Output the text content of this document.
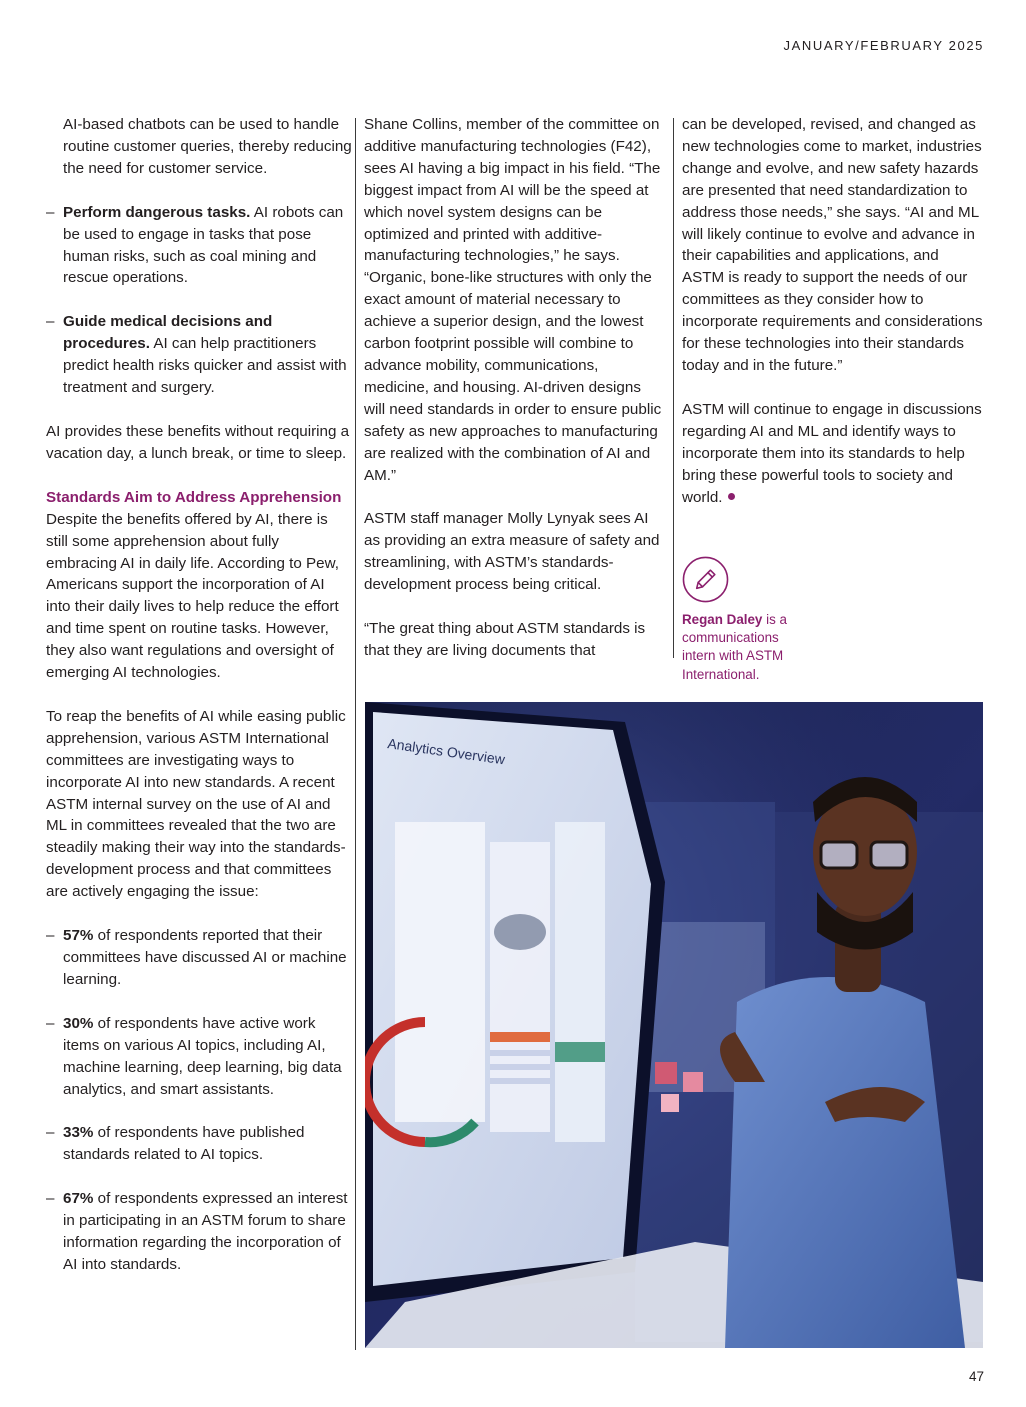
JANUARY/FEBRUARY 2025

AI-based chatbots can be used to handle routine customer queries, thereby reducing the need for customer service.

– Perform dangerous tasks. AI robots can be used to engage in tasks that pose human risks, such as coal mining and rescue operations.
– Guide medical decisions and procedures. AI can help practitioners predict health risks quicker and assist with treatment and surgery.

AI provides these benefits without requiring a vacation day, a lunch break, or time to sleep.

Standards Aim to Address Apprehension
Despite the benefits offered by AI, there is still some apprehension about fully embracing AI in daily life. According to Pew, Americans support the incorporation of AI into their daily lives to help reduce the effort and time spent on routine tasks. However, they also want regulations and oversight of emerging AI technologies.

To reap the benefits of AI while easing public apprehension, various ASTM International committees are investigating ways to incorporate AI into new standards. A recent ASTM internal survey on the use of AI and ML in committees revealed that the two are steadily making their way into the standards-development process and that committees are actively engaging the issue:

– 57% of respondents reported that their committees have discussed AI or machine learning.
– 30% of respondents have active work items on various AI topics, including AI, machine learning, deep learning, big data analytics, and smart assistants.
– 33% of respondents have published standards related to AI topics.
– 67% of respondents expressed an interest in participating in an ASTM forum to share information regarding the incorporation of AI into standards.

Shane Collins, member of the committee on additive manufacturing technologies (F42), sees AI having a big impact in his field. “The biggest impact from AI will be the speed at which novel system designs can be optimized and printed with additive-manufacturing technologies,” he says. “Organic, bone-like structures with only the exact amount of material necessary to achieve a superior design, and the lowest carbon footprint possible will combine to advance mobility, communications, medicine, and housing. AI-driven designs will need standards in order to ensure public safety as new approaches to manufacturing are realized with the combination of AI and AM.”

ASTM staff manager Molly Lynyak sees AI as providing an extra measure of safety and streamlining, with ASTM’s standards-development process being critical.

“The great thing about ASTM standards is that they are living documents that

can be developed, revised, and changed as new technologies come to market, industries change and evolve, and new safety hazards are presented that need standardization to address those needs,” she says. “AI and ML will likely continue to evolve and advance in their capabilities and applications, and ASTM is ready to support the needs of our committees as they consider how to incorporate requirements and considerations for these technologies into their standards today and in the future.”

ASTM will continue to engage in discussions regarding AI and ML and identify ways to incorporate them into its standards to help bring these powerful tools to society and world.

Regan Daley is a communications intern with ASTM International.
Analytics Overview
47
